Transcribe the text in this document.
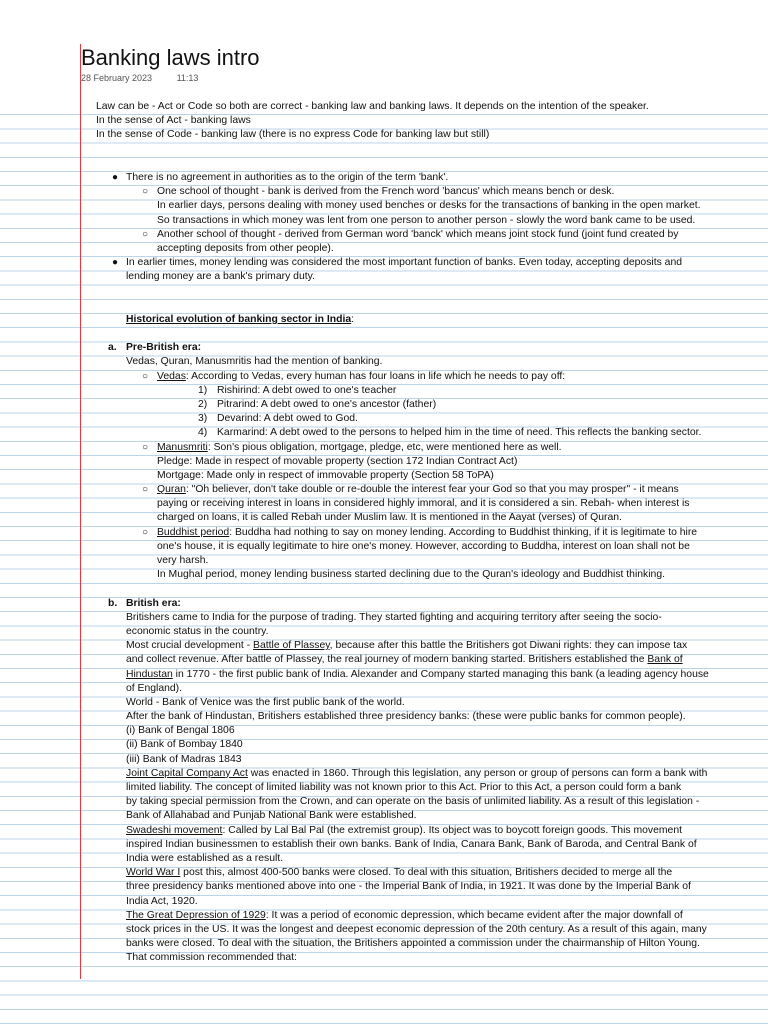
Banking laws intro
28 February 2023	11:13
Law can be - Act or Code so both are correct - banking law and banking laws. It depends on the intention of the speaker.
In the sense of Act - banking laws
In the sense of Code - banking law (there is no express Code for banking law but still)
● There is no agreement in authorities as to the origin of the term 'bank'.
○ One school of thought - bank is derived from the French word 'bancus' which means bench or desk.
In earlier days, persons dealing with money used benches or desks for the transactions of banking in the open market.
So transactions in which money was lent from one person to another person - slowly the word bank came to be used.
○ Another school of thought - derived from German word 'banck' which means joint stock fund (joint fund created by
accepting deposits from other people).
● In earlier times, money lending was considered the most important function of banks. Even today, accepting deposits and
lending money are a bank's primary duty.
Historical evolution of banking sector in India:
a. Pre-British era:
Vedas, Quran, Manusmritis had the mention of banking.
○ Vedas: According to Vedas, every human has four loans in life which he needs to pay off:
1) Rishirind: A debt owed to one's teacher
2) Pitrarind: A debt owed to one's ancestor (father)
3) Devarind: A debt owed to God.
4) Karmarind: A debt owed to the persons to helped him in the time of need. This reflects the banking sector.
○ Manusmriti: Son's pious obligation, mortgage, pledge, etc, were mentioned here as well.
Pledge: Made in respect of movable property (section 172 Indian Contract Act)
Mortgage: Made only in respect of immovable property (Section 58 ToPA)
○ Quran: "Oh believer, don't take double or re-double the interest fear your God so that you may prosper" - it means
paying or receiving interest in loans in considered highly immoral, and it is considered a sin. Rebah- when interest is
charged on loans, it is called Rebah under Muslim law. It is mentioned in the Aayat (verses) of Quran.
○ Buddhist period: Buddha had nothing to say on money lending. According to Buddhist thinking, if it is legitimate to hire
one's house, it is equally legitimate to hire one's money. However, according to Buddha, interest on loan shall not be
very harsh.
In Mughal period, money lending business started declining due to the Quran's ideology and Buddhist thinking.
b. British era:
Britishers came to India for the purpose of trading. They started fighting and acquiring territory after seeing the socio-
economic status in the country.
Most crucial development - Battle of Plassey, because after this battle the Britishers got Diwani rights: they can impose tax
and collect revenue. After battle of Plassey, the real journey of modern banking started. Britishers established the Bank of
Hindustan in 1770 - the first public bank of India. Alexander and Company started managing this bank (a leading agency house
of England).
World - Bank of Venice was the first public bank of the world.
After the bank of Hindustan, Britishers established three presidency banks: (these were public banks for common people).
(i) Bank of Bengal 1806
(ii) Bank of Bombay 1840
(iii) Bank of Madras 1843
Joint Capital Company Act was enacted in 1860. Through this legislation, any person or group of persons can form a bank with
limited liability. The concept of limited liability was not known prior to this Act. Prior to this Act, a person could form a bank
by taking special permission from the Crown, and can operate on the basis of unlimited liability. As a result of this legislation -
Bank of Allahabad and Punjab National Bank were established.
Swadeshi movement: Called by Lal Bal Pal (the extremist group). Its object was to boycott foreign goods. This movement
inspired Indian businessmen to establish their own banks. Bank of India, Canara Bank, Bank of Baroda, and Central Bank of
India were established as a result.
World War I post this, almost 400-500 banks were closed. To deal with this situation, Britishers decided to merge all the
three presidency banks mentioned above into one - the Imperial Bank of India, in 1921. It was done by the Imperial Bank of
India Act, 1920.
The Great Depression of 1929: It was a period of economic depression, which became evident after the major downfall of
stock prices in the US. It was the longest and deepest economic depression of the 20th century. As a result of this again, many
banks were closed. To deal with the situation, the Britishers appointed a commission under the chairmanship of Hilton Young.
That commission recommended that:
